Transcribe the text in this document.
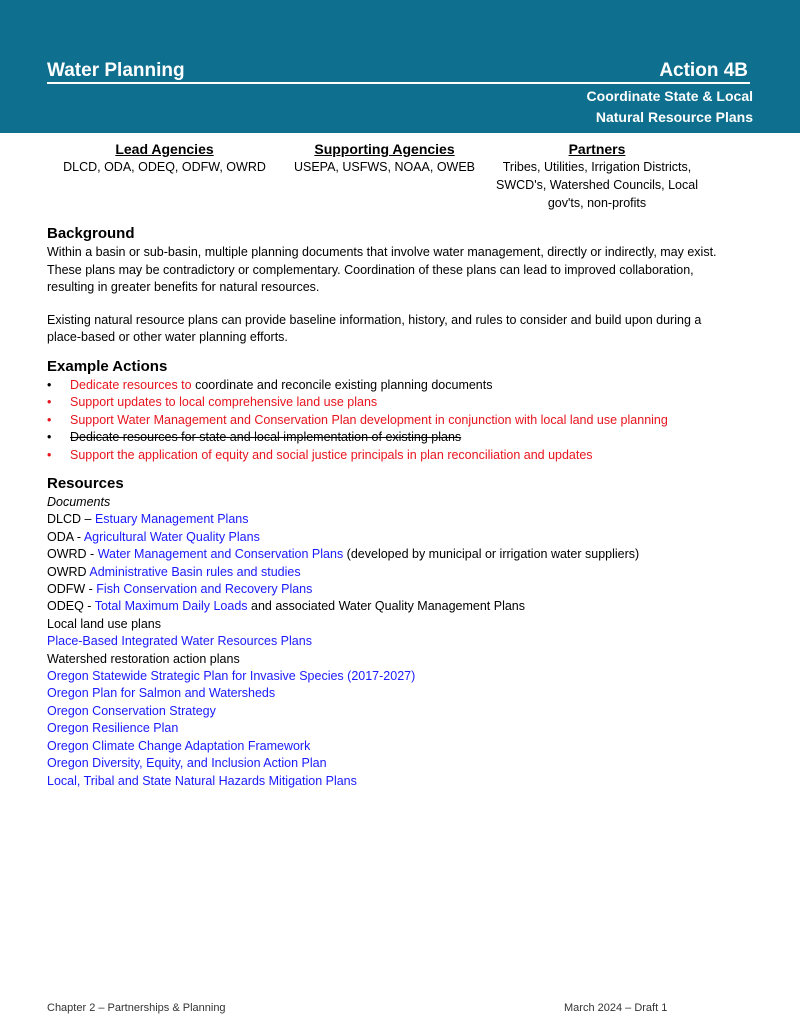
Water Planning	Action 4B
Coordinate State & Local
Natural Resource Plans
Lead Agencies
DLCD, ODA, ODEQ, ODFW, OWRD
Supporting Agencies
USEPA, USFWS, NOAA, OWEB
Partners
Tribes, Utilities, Irrigation Districts,
SWCD's, Watershed Councils, Local
gov'ts, non-profits
Background

Within a basin or sub-basin, multiple planning documents that involve water management, directly or indirectly, may exist.
These plans may be contradictory or complementary. Coordination of these plans can lead to improved collaboration,
resulting in greater benefits for natural resources.

Existing natural resource plans can provide baseline information, history, and rules to consider and build upon during a
place-based or other water planning efforts.

Example Actions
• Dedicate resources to coordinate and reconcile existing planning documents
• Support updates to local comprehensive land use plans
• Support Water Management and Conservation Plan development in conjunction with local land use planning
• Dedicate resources for state and local implementation of existing plans
• Support the application of equity and social justice principals in plan reconciliation and updates
Resources
Documents
DLCD – Estuary Management Plans
ODA - Agricultural Water Quality Plans
OWRD - Water Management and Conservation Plans (developed by municipal or irrigation water suppliers)
OWRD Administrative Basin rules and studies
ODFW - Fish Conservation and Recovery Plans
ODEQ - Total Maximum Daily Loads and associated Water Quality Management Plans
Local land use plans
Place-Based Integrated Water Resources Plans
Watershed restoration action plans
Oregon Statewide Strategic Plan for Invasive Species (2017-2027)
Oregon Plan for Salmon and Watersheds
Oregon Conservation Strategy
Oregon Resilience Plan
Oregon Climate Change Adaptation Framework
Oregon Diversity, Equity, and Inclusion Action Plan
Local, Tribal and State Natural Hazards Mitigation Plans
Chapter 2 – Partnerships & Planning	March 2024 – Draft 1
